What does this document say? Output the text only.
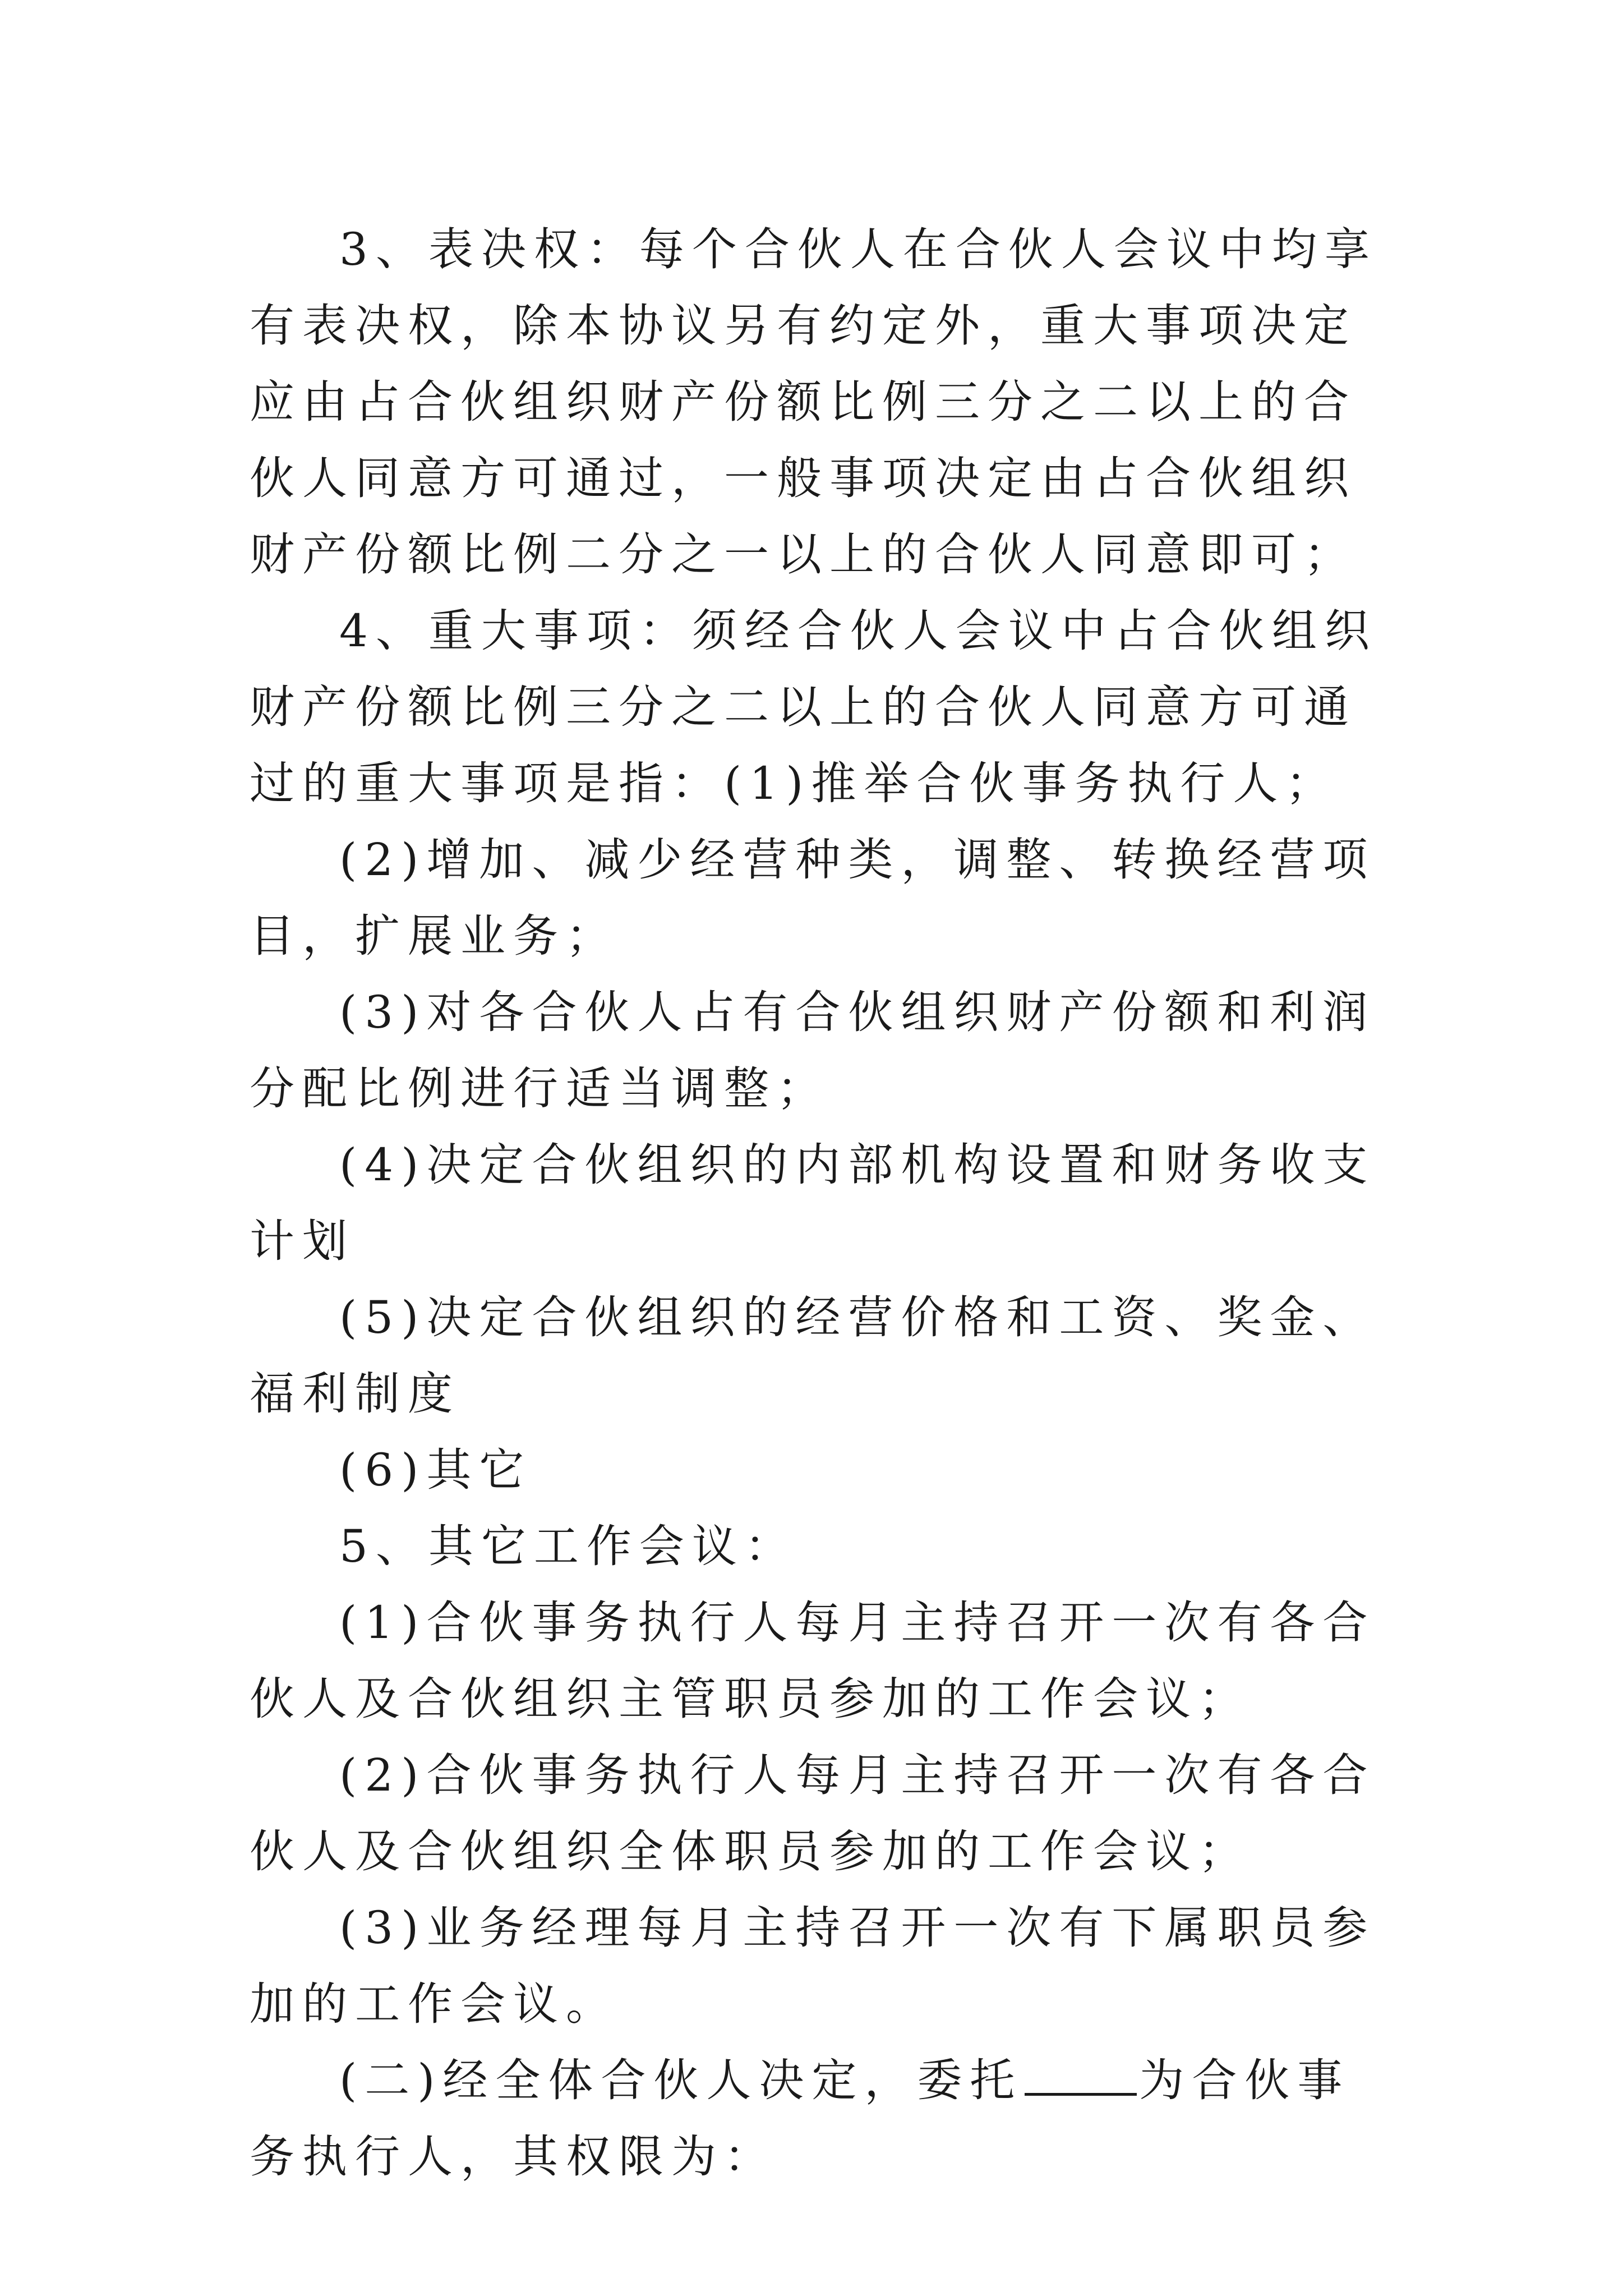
3、表决权：每个合伙人在合伙人会议中均享有表决权，除本协议另有约定外，重大事项决定应由占合伙组织财产份额比例三分之二以上的合伙人同意方可通过，一般事项决定由占合伙组织财产份额比例二分之一以上的合伙人同意即可；

4、重大事项：须经合伙人会议中占合伙组织财产份额比例三分之二以上的合伙人同意方可通过的重大事项是指：(1)推举合伙事务执行人；

(2)增加、减少经营种类，调整、转换经营项目，扩展业务；

(3)对各合伙人占有合伙组织财产份额和利润分配比例进行适当调整；

(4)决定合伙组织的内部机构设置和财务收支计划

(5)决定合伙组织的经营价格和工资、奖金、福利制度

(6)其它

5、其它工作会议：

(1)合伙事务执行人每月主持召开一次有各合伙人及合伙组织主管职员参加的工作会议；

(2)合伙事务执行人每月主持召开一次有各合伙人及合伙组织全体职员参加的工作会议；

(3)业务经理每月主持召开一次有下属职员参加的工作会议。

(二)经全体合伙人决定，委托	为合伙事务执行人，其权限为：
